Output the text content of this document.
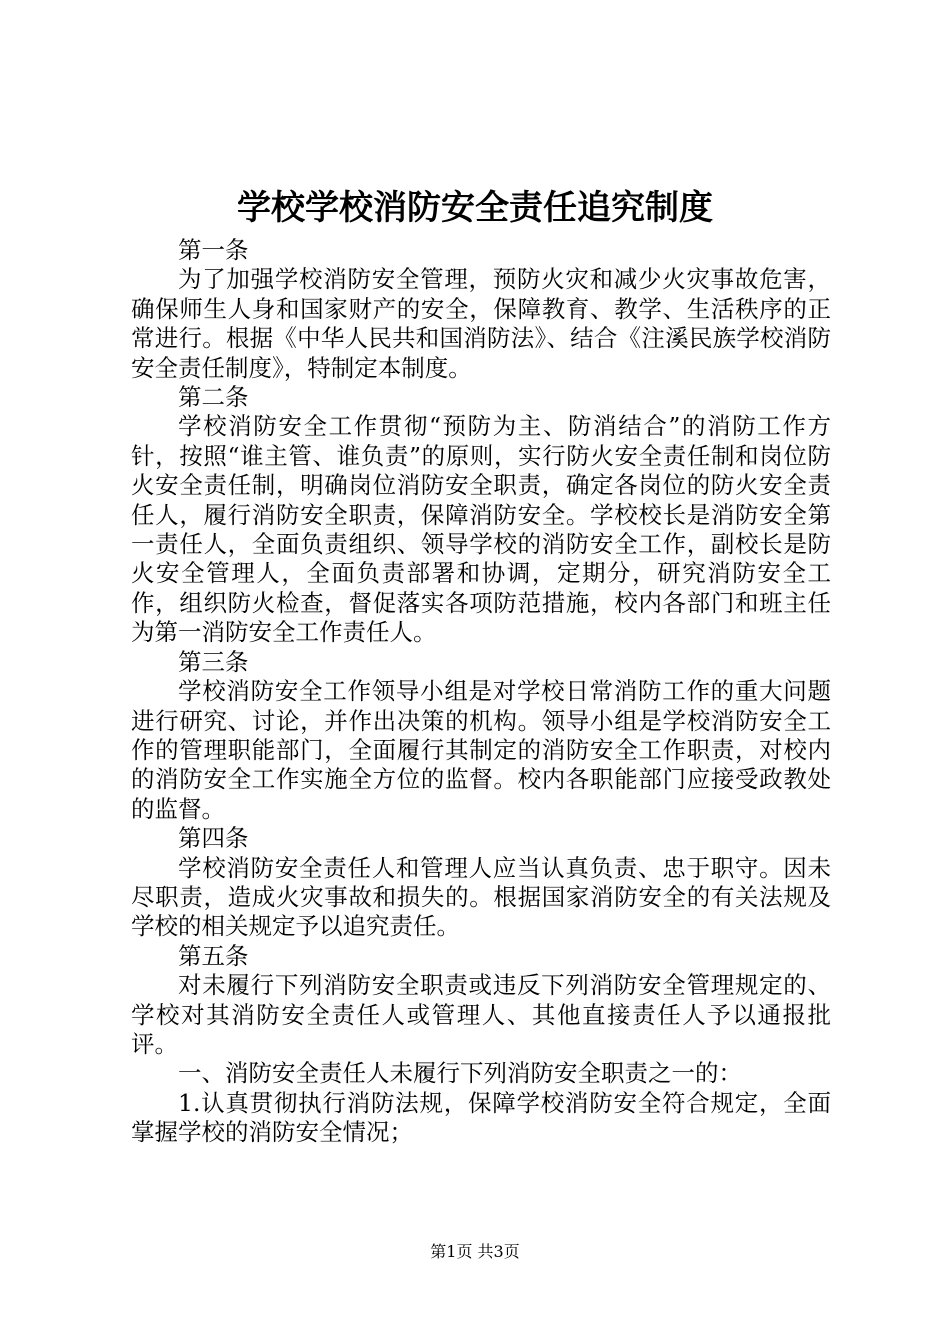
学校学校消防安全责任追究制度

第一条

为了加强学校消防安全管理，预防火灾和减少火灾事故危害，确保师生人身和国家财产的安全，保障教育、教学、生活秩序的正常进行。根据《中华人民共和国消防法》、结合《注溪民族学校消防安全责任制度》，特制定本制度。

第二条

学校消防安全工作贯彻“预防为主、防消结合”的消防工作方针，按照“谁主管、谁负责”的原则，实行防火安全责任制和岗位防火安全责任制，明确岗位消防安全职责，确定各岗位的防火安全责任人，履行消防安全职责，保障消防安全。学校校长是消防安全第一责任人，全面负责组织、领导学校的消防安全工作，副校长是防火安全管理人，全面负责部署和协调，定期分，研究消防安全工作，组织防火检查，督促落实各项防范措施，校内各部门和班主任为第一消防安全工作责任人。

第三条

学校消防安全工作领导小组是对学校日常消防工作的重大问题进行研究、讨论，并作出决策的机构。领导小组是学校消防安全工作的管理职能部门，全面履行其制定的消防安全工作职责，对校内的消防安全工作实施全方位的监督。校内各职能部门应接受政教处的监督。

第四条

学校消防安全责任人和管理人应当认真负责、忠于职守。因未尽职责，造成火灾事故和损失的。根据国家消防安全的有关法规及学校的相关规定予以追究责任。

第五条

对未履行下列消防安全职责或违反下列消防安全管理规定的、学校对其消防安全责任人或管理人、其他直接责任人予以通报批评。

一、消防安全责任人未履行下列消防安全职责之一的：

1.认真贯彻执行消防法规，保障学校消防安全符合规定，全面掌握学校的消防安全情况；

第1页 共3页
